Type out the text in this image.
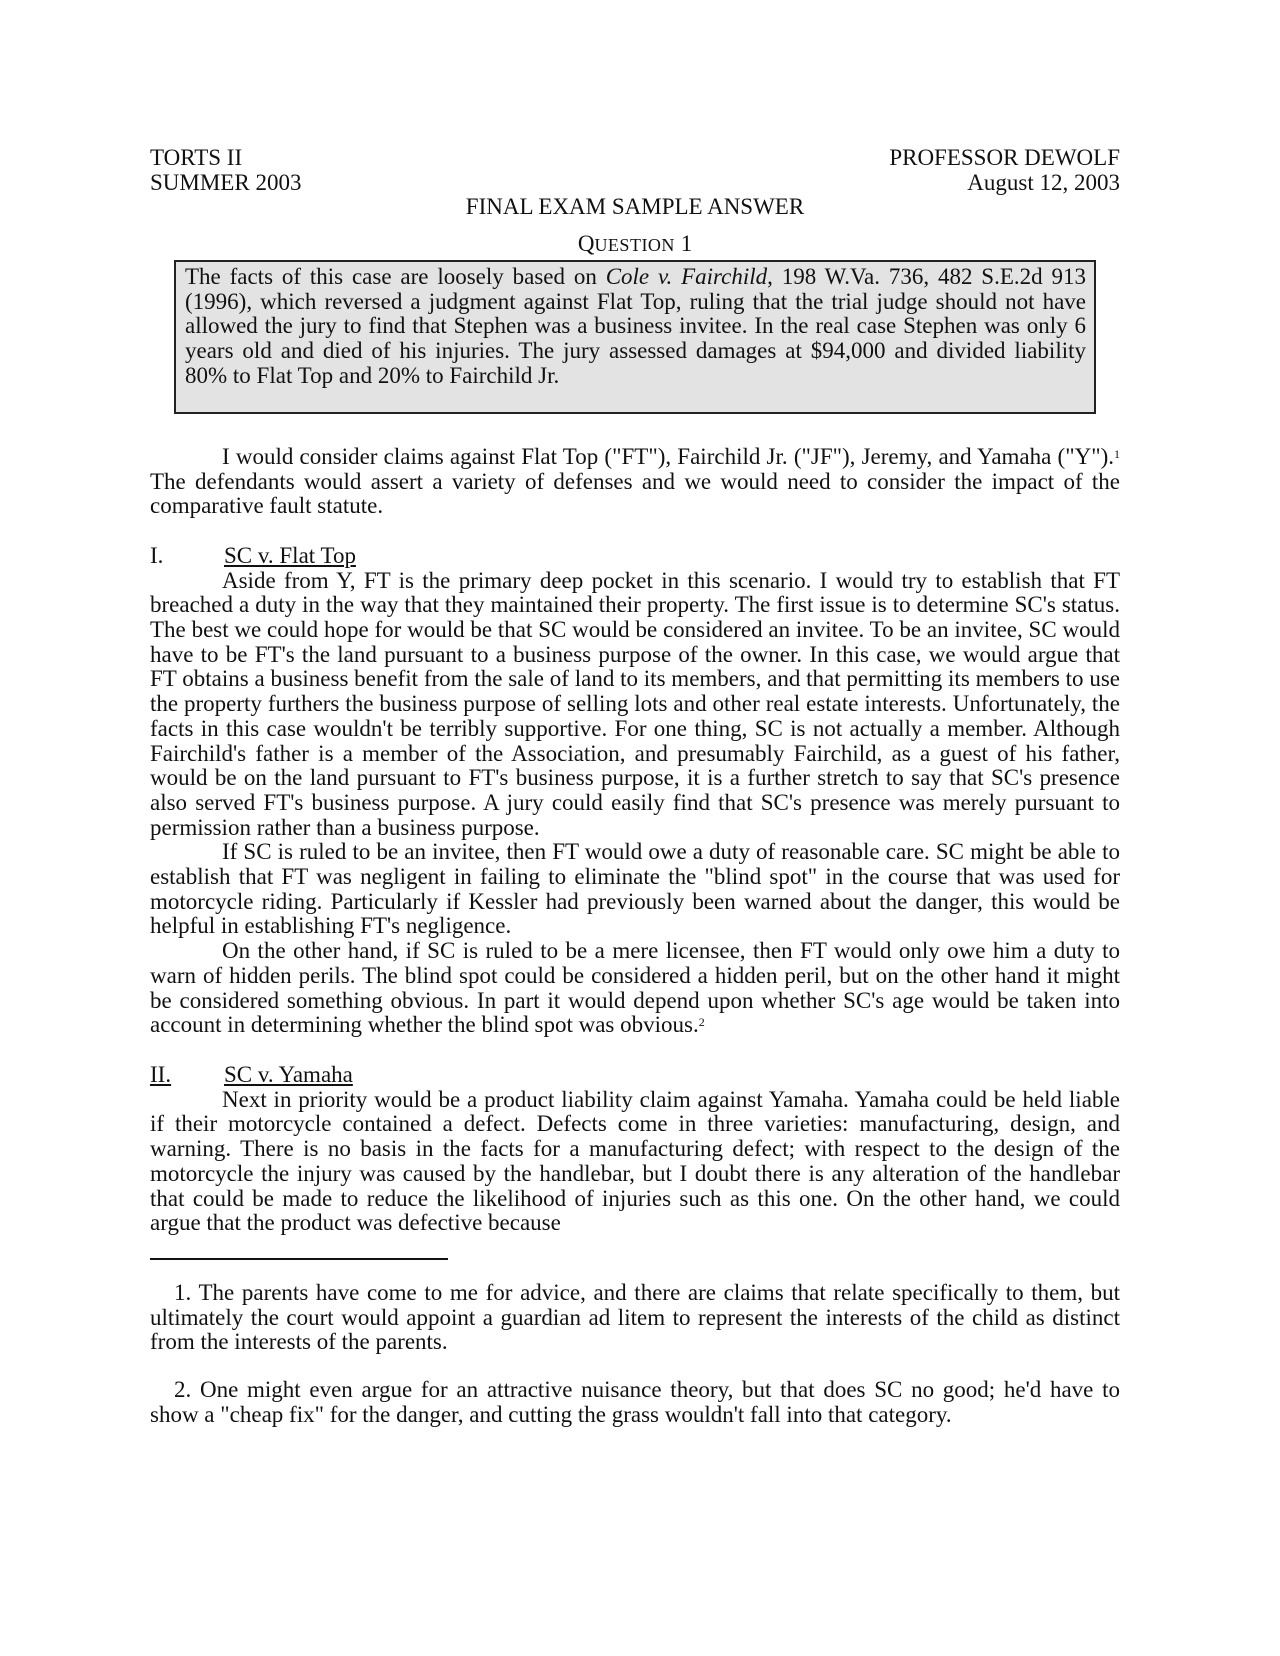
TORTS II	PROFESSOR DEWOLF
SUMMER 2003	August 12, 2003
FINAL EXAM SAMPLE ANSWER
QUESTION 1
The facts of this case are loosely based on Cole v. Fairchild, 198 W.Va. 736, 482 S.E.2d 913 (1996), which reversed a judgment against Flat Top, ruling that the trial judge should not have allowed the jury to find that Stephen was a business invitee. In the real case Stephen was only 6 years old and died of his injuries. The jury assessed damages at $94,000 and divided liability 80% to Flat Top and 20% to Fairchild Jr.
I would consider claims against Flat Top ("FT"), Fairchild Jr. ("JF"), Jeremy, and Yamaha ("Y").$^1$ The defendants would assert a variety of defenses and we would need to consider the impact of the comparative fault statute.
I.	SC v. Flat Top
Aside from Y, FT is the primary deep pocket in this scenario. I would try to establish that FT breached a duty in the way that they maintained their property. The first issue is to determine SC's status. The best we could hope for would be that SC would be considered an invitee. To be an invitee, SC would have to be FT's the land pursuant to a business purpose of the owner. In this case, we would argue that FT obtains a business benefit from the sale of land to its members, and that permitting its members to use the property furthers the business purpose of selling lots and other real estate interests. Unfortunately, the facts in this case wouldn't be terribly supportive. For one thing, SC is not actually a member. Although Fairchild's father is a member of the Association, and presumably Fairchild, as a guest of his father, would be on the land pursuant to FT's business purpose, it is a further stretch to say that SC's presence also served FT's business purpose. A jury could easily find that SC's presence was merely pursuant to permission rather than a business purpose.
If SC is ruled to be an invitee, then FT would owe a duty of reasonable care. SC might be able to establish that FT was negligent in failing to eliminate the "blind spot" in the course that was used for motorcycle riding. Particularly if Kessler had previously been warned about the danger, this would be helpful in establishing FT's negligence.
On the other hand, if SC is ruled to be a mere licensee, then FT would only owe him a duty to warn of hidden perils. The blind spot could be considered a hidden peril, but on the other hand it might be considered something obvious. In part it would depend upon whether SC's age would be taken into account in determining whether the blind spot was obvious.$^2$
II.	SC v. Yamaha
Next in priority would be a product liability claim against Yamaha. Yamaha could be held liable if their motorcycle contained a defect. Defects come in three varieties: manufacturing, design, and warning. There is no basis in the facts for a manufacturing defect; with respect to the design of the motorcycle the injury was caused by the handlebar, but I doubt there is any alteration of the handlebar that could be made to reduce the likelihood of injuries such as this one. On the other hand, we could argue that the product was defective because
1. The parents have come to me for advice, and there are claims that relate specifically to them, but ultimately the court would appoint a guardian ad litem to represent the interests of the child as distinct from the interests of the parents.
2. One might even argue for an attractive nuisance theory, but that does SC no good; he'd have to show a "cheap fix" for the danger, and cutting the grass wouldn't fall into that category.
